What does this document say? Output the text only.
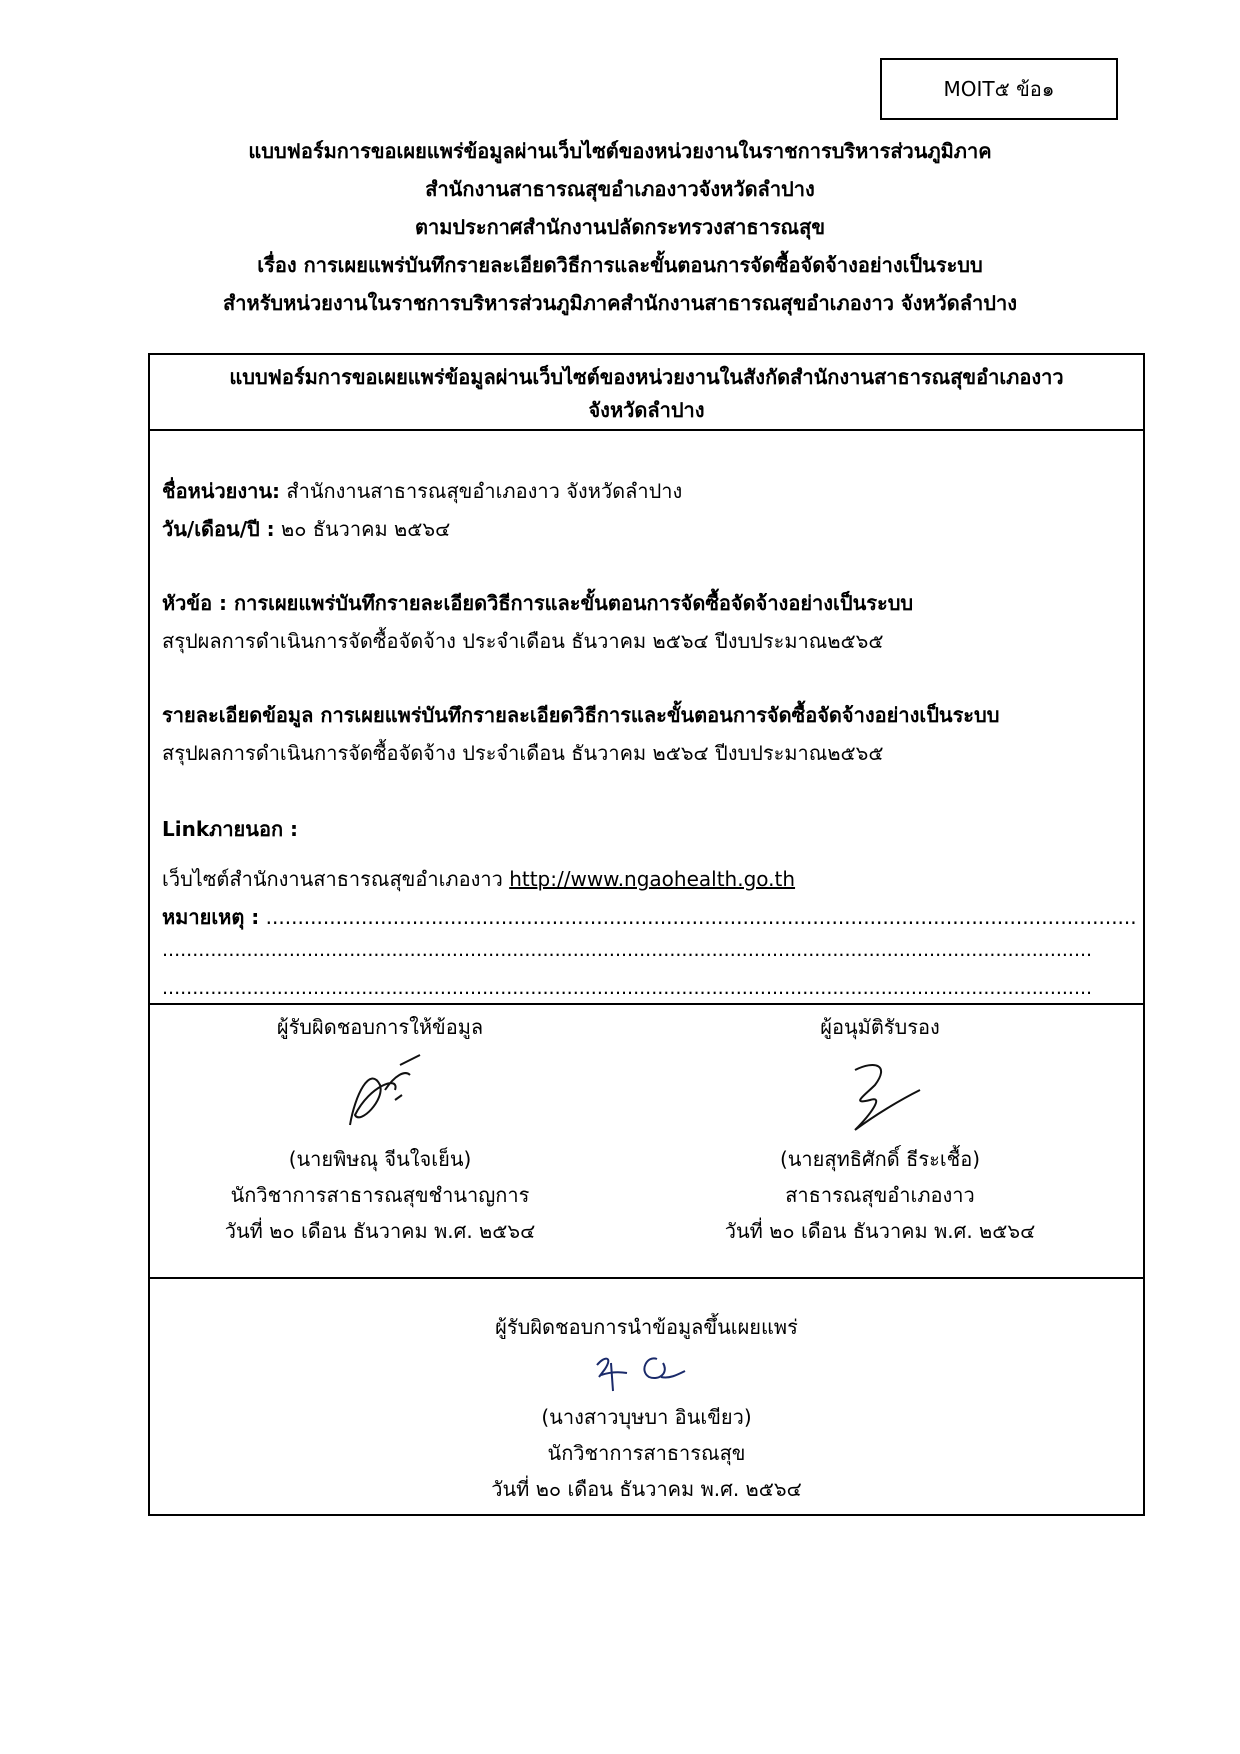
MOIT๕ ข้อ๑
แบบฟอร์มการขอเผยแพร่ข้อมูลผ่านเว็บไซต์ของหน่วยงานในราชการบริหารส่วนภูมิภาค
สำนักงานสาธารณสุขอำเภองาวจังหวัดลำปาง
ตามประกาศสำนักงานปลัดกระทรวงสาธารณสุข
เรื่อง การเผยแพร่บันทึกรายละเอียดวิธีการและขั้นตอนการจัดซื้อจัดจ้างอย่างเป็นระบบ
สำหรับหน่วยงานในราชการบริหารส่วนภูมิภาคสำนักงานสาธารณสุขอำเภองาว จังหวัดลำปาง
แบบฟอร์มการขอเผยแพร่ข้อมูลผ่านเว็บไซต์ของหน่วยงานในสังกัดสำนักงานสาธารณสุขอำเภองาว
จังหวัดลำปาง
ชื่อหน่วยงาน: สำนักงานสาธารณสุขอำเภองาว จังหวัดลำปาง
วัน/เดือน/ปี : ๒๐ ธันวาคม ๒๕๖๔
หัวข้อ : การเผยแพร่บันทึกรายละเอียดวิธีการและขั้นตอนการจัดซื้อจัดจ้างอย่างเป็นระบบ
สรุปผลการดำเนินการจัดซื้อจัดจ้าง ประจำเดือน ธันวาคม ๒๕๖๔ ปีงบประมาณ๒๕๖๕
รายละเอียดข้อมูล การเผยแพร่บันทึกรายละเอียดวิธีการและขั้นตอนการจัดซื้อจัดจ้างอย่างเป็นระบบ
สรุปผลการดำเนินการจัดซื้อจัดจ้าง ประจำเดือน ธันวาคม ๒๕๖๔ ปีงบประมาณ๒๕๖๕
Linkภายนอก :
เว็บไซต์สำนักงานสาธารณสุขอำเภองาว http://www.ngaohealth.go.th
หมายเหตุ : .........................................................................................................................................
..........................................................................................................................................................
..........................................................................................................................................................
ผู้รับผิดชอบการให้ข้อมูล
(นายพิษณุ จีนใจเย็น)
นักวิชาการสาธารณสุขชำนาญการ
วันที่ ๒๐ เดือน ธันวาคม พ.ศ. ๒๕๖๔
ผู้อนุมัติรับรอง
(นายสุทธิศักดิ์ ธีระเชื้อ)
สาธารณสุขอำเภองาว
วันที่ ๒๐ เดือน ธันวาคม พ.ศ. ๒๕๖๔
ผู้รับผิดชอบการนำข้อมูลขึ้นเผยแพร่
(นางสาวบุษบา อินเขียว)
นักวิชาการสาธารณสุข
วันที่ ๒๐ เดือน ธันวาคม พ.ศ. ๒๕๖๔
